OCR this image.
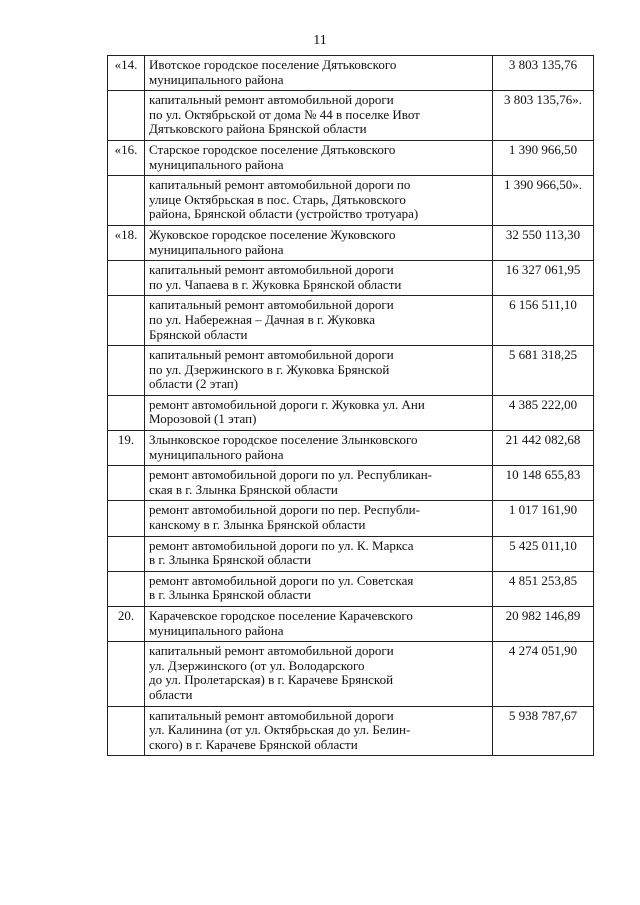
11
«14.	Ивотское городское поселение Дятьковского
муниципального района	3 803 135,76
	капитальный ремонт автомобильной дороги
по ул. Октябрьской от дома № 44 в поселке Ивот
Дятьковского района Брянской области	3 803 135,76».
«16.	Старское городское поселение Дятьковского
муниципального района	1 390 966,50
	капитальный ремонт автомобильной дороги по
улице Октябрьская в пос. Старь, Дятьковского
района, Брянской области (устройство тротуара)	1 390 966,50».
«18.	Жуковское городское поселение Жуковского
муниципального района	32 550 113,30
	капитальный ремонт автомобильной дороги
по ул. Чапаева в г. Жуковка Брянской области	16 327 061,95
	капитальный ремонт автомобильной дороги
по ул. Набережная – Дачная в г. Жуковка
Брянской области	6 156 511,10
	капитальный ремонт автомобильной дороги
по ул. Дзержинского в г. Жуковка Брянской
области (2 этап)	5 681 318,25
	ремонт автомобильной дороги г. Жуковка ул. Ани
Морозовой (1 этап)	4 385 222,00
19.	Злынковское городское поселение Злынковского
муниципального района	21 442 082,68
	ремонт автомобильной дороги по ул. Республикан-
ская в г. Злынка Брянской области	10 148 655,83
	ремонт автомобильной дороги по пер. Республи-
канскому в г. Злынка Брянской области	1 017 161,90
	ремонт автомобильной дороги по ул. К. Маркса
в г. Злынка Брянской области	5 425 011,10
	ремонт автомобильной дороги по ул. Советская
в г. Злынка Брянской области	4 851 253,85
20.	Карачевское городское поселение Карачевского
муниципального района	20 982 146,89
	капитальный ремонт автомобильной дороги
ул. Дзержинского (от ул. Володарского
до ул. Пролетарская) в г. Карачеве Брянской
области	4 274 051,90
	капитальный ремонт автомобильной дороги
ул. Калинина (от ул. Октябрьская до ул. Белин-
ского) в г. Карачеве Брянской области	5 938 787,67
